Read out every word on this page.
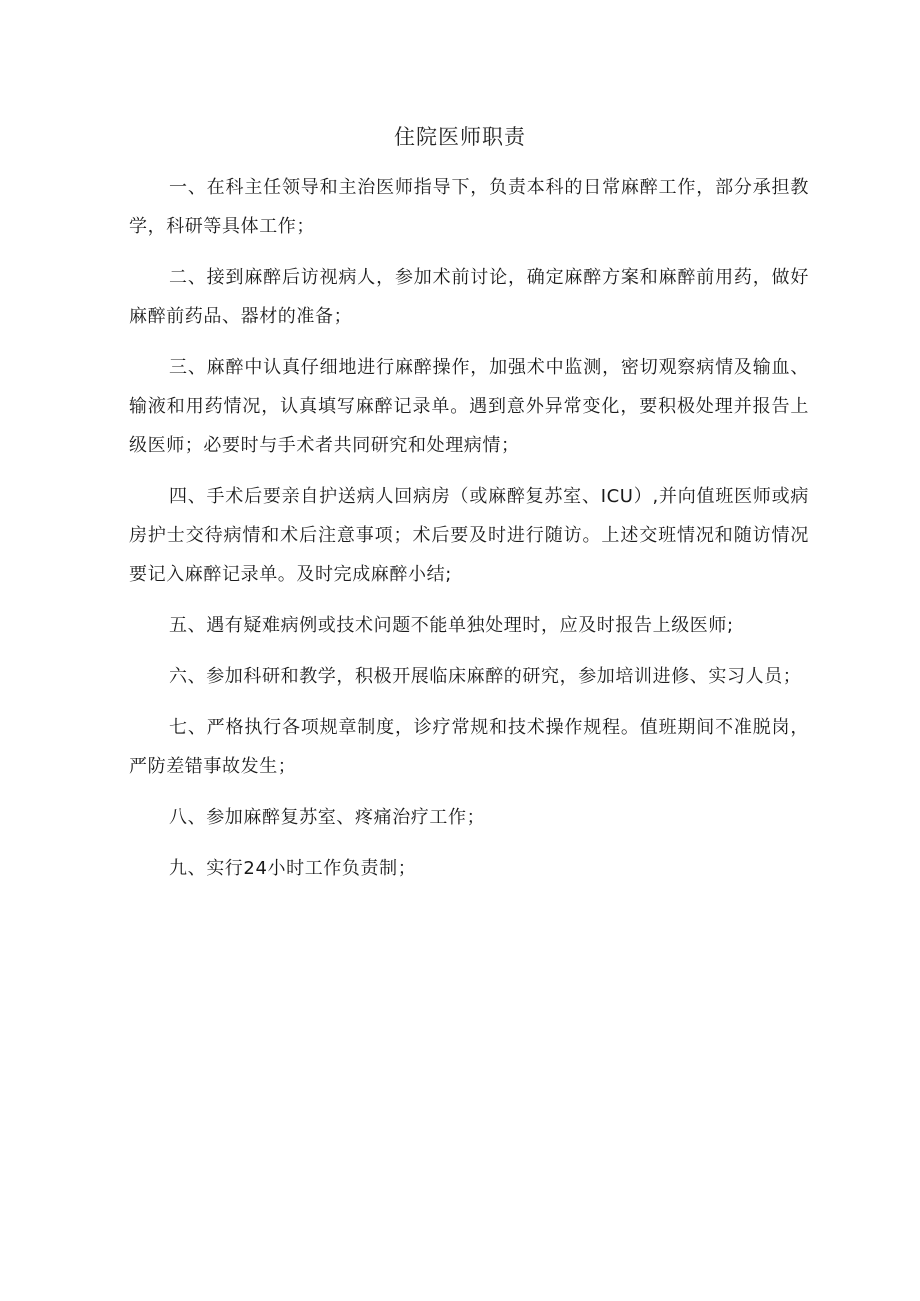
住院医师职责

一、在科主任领导和主治医师指导下，负责本科的日常麻醉工作，部分承担教学，科研等具体工作；

二、接到麻醉后访视病人，参加术前讨论，确定麻醉方案和麻醉前用药，做好麻醉前药品、器材的准备；

三、麻醉中认真仔细地进行麻醉操作，加强术中监测，密切观察病情及输血、输液和用药情况，认真填写麻醉记录单。遇到意外异常变化，要积极处理并报告上级医师；必要时与手术者共同研究和处理病情；

四、手术后要亲自护送病人回病房（或麻醉复苏室、ICU）,并向值班医师或病房护士交待病情和术后注意事项；术后要及时进行随访。上述交班情况和随访情况要记入麻醉记录单。及时完成麻醉小结;

五、遇有疑难病例或技术问题不能单独处理时，应及时报告上级医师;

六、参加科研和教学，积极开展临床麻醉的研究，参加培训进修、实习人员；

七、严格执行各项规章制度，诊疗常规和技术操作规程。值班期间不准脱岗，严防差错事故发生；

八、参加麻醉复苏室、疼痛治疗工作；

九、实行24小时工作负责制；
